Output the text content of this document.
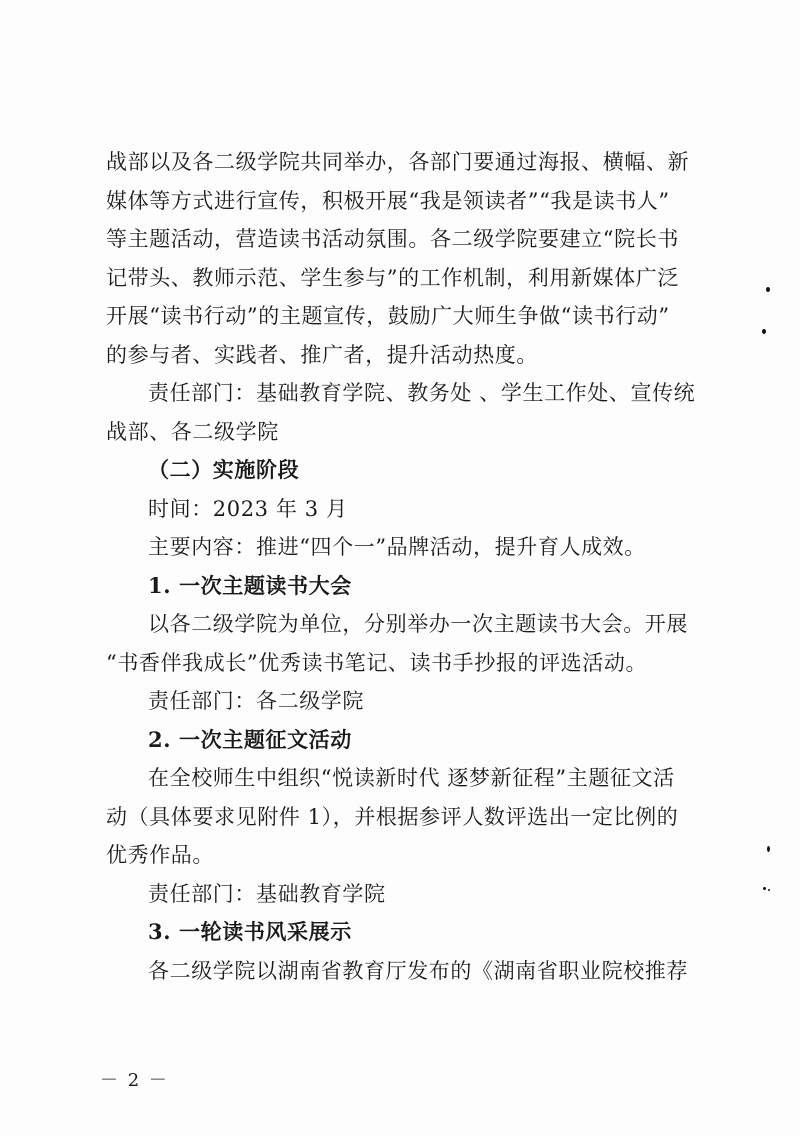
战部以及各二级学院共同举办，各部门要通过海报、横幅、新
媒体等方式进行宣传，积极开展“我是领读者”“我是读书人”
等主题活动，营造读书活动氛围。各二级学院要建立“院长书
记带头、教师示范、学生参与”的工作机制，利用新媒体广泛
开展“读书行动”的主题宣传，鼓励广大师生争做“读书行动”
的参与者、实践者、推广者，提升活动热度。
责任部门：基础教育学院、教务处 、学生工作处、宣传统
战部、各二级学院
（二）实施阶段
时间：2023 年 3 月
主要内容：推进“四个一”品牌活动，提升育人成效。
1. 一次主题读书大会
以各二级学院为单位，分别举办一次主题读书大会。开展
“书香伴我成长”优秀读书笔记、读书手抄报的评选活动。
责任部门：各二级学院
2. 一次主题征文活动
在全校师生中组织“悦读新时代 逐梦新征程”主题征文活
动（具体要求见附件 1），并根据参评人数评选出一定比例的
优秀作品。
责任部门：基础教育学院
3. 一轮读书风采展示
各二级学院以湖南省教育厅发布的《湖南省职业院校推荐
－ 2 －
